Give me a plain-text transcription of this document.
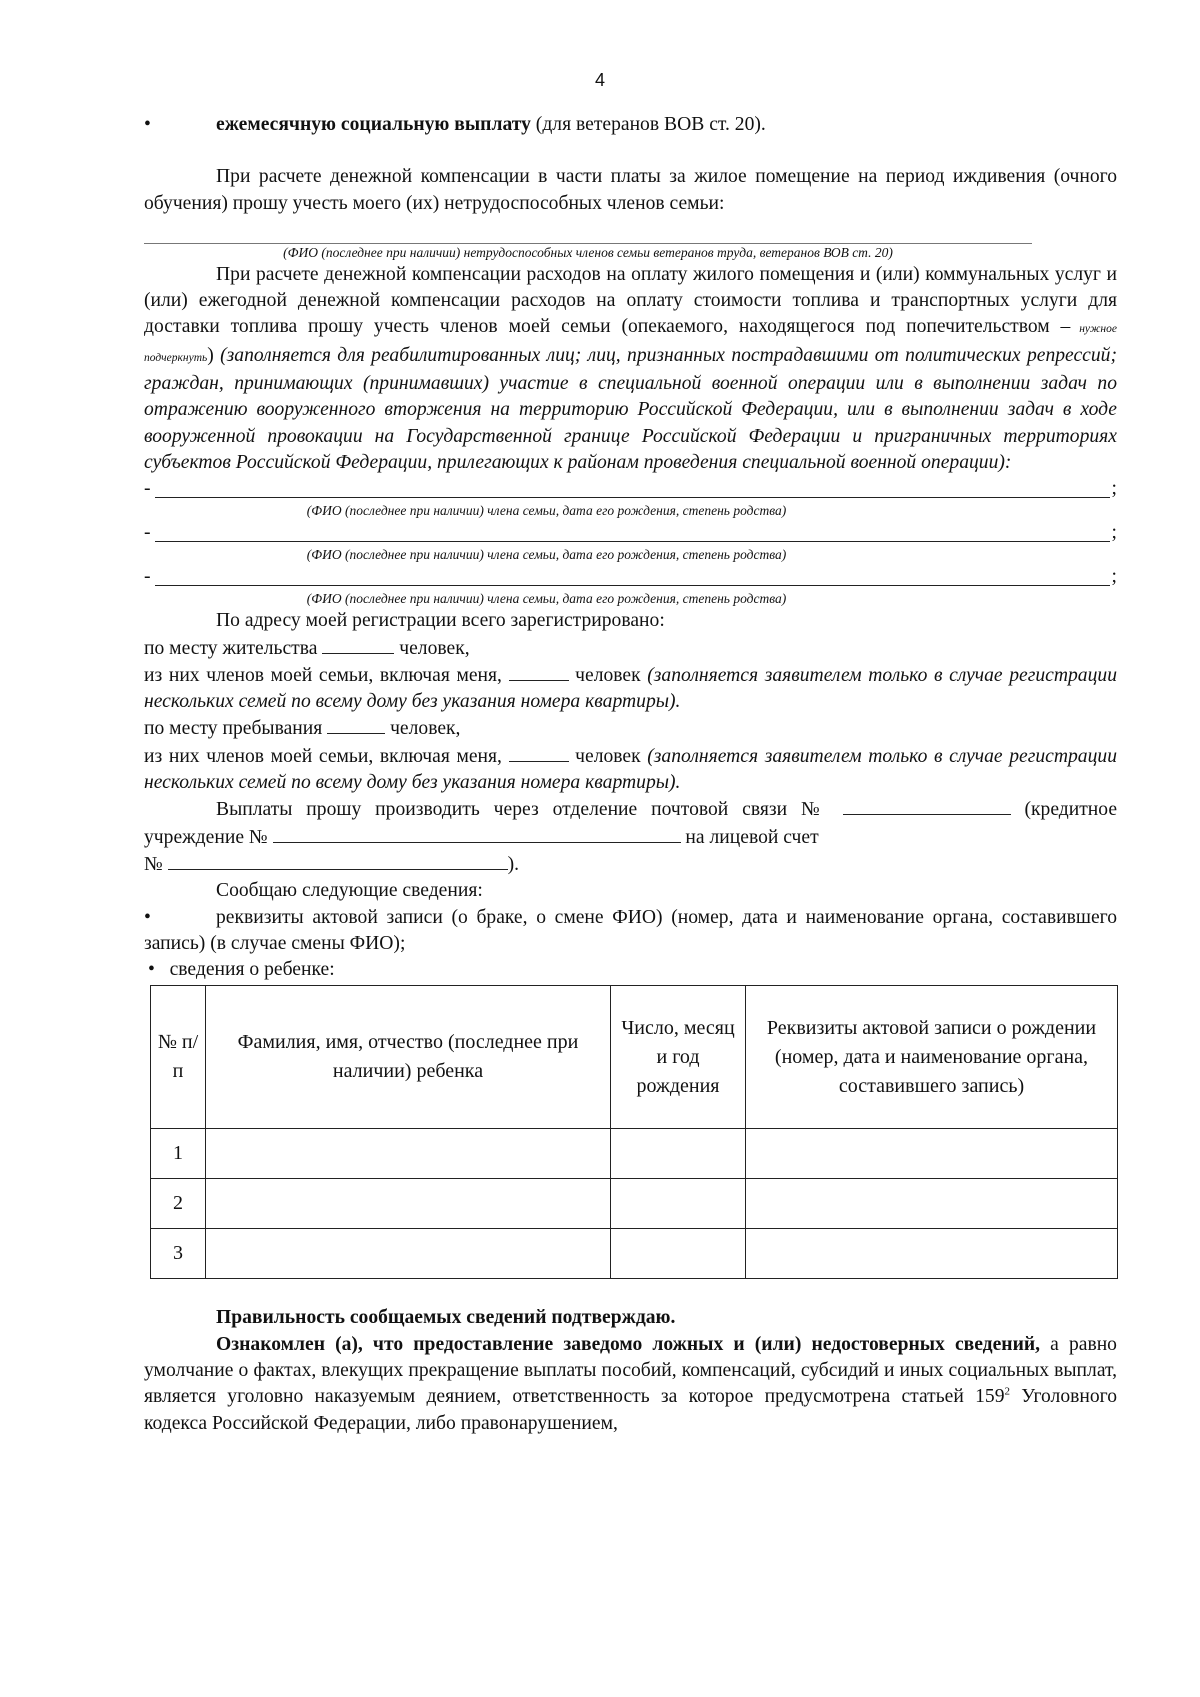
4

•	ежемесячную социальную выплату (для ветеранов ВОВ ст. 20).

При расчете денежной компенсации в части платы за жилое помещение на период иждивения (очного обучения) прошу учесть моего (их) нетрудоспособных членов семьи:

(ФИО (последнее при наличии) нетрудоспособных членов семьи ветеранов труда, ветеранов ВОВ ст. 20)

При расчете денежной компенсации расходов на оплату жилого помещения и (или) коммунальных услуг и (или) ежегодной денежной компенсации расходов на оплату стоимости топлива и транспортных услуги для доставки топлива прошу учесть членов моей семьи (опекаемого, находящегося под попечительством – нужное подчеркнуть) (заполняется для реабилитированных лиц; лиц, признанных пострадавшими от политических репрессий; граждан, принимающих (принимавших) участие в специальной военной операции или в выполнении задач по отражению вооруженного вторжения на территорию Российской Федерации, или в выполнении задач в ходе вооруженной провокации на Государственной границе Российской Федерации и приграничных территориях субъектов Российской Федерации, прилегающих к районам проведения специальной военной операции):

-	;
(ФИО (последнее при наличии) члена семьи, дата его рождения, степень родства)
-	;
(ФИО (последнее при наличии) члена семьи, дата его рождения, степень родства)
-	;
(ФИО (последнее при наличии) члена семьи, дата его рождения, степень родства)

По адресу моей регистрации всего зарегистрировано:

по месту жительства	человек,

из них членов моей семьи, включая меня,	человек (заполняется заявителем только в случае регистрации нескольких семей по всему дому без указания номера квартиры).

по месту пребывания	человек,

из них членов моей семьи, включая меня,	человек (заполняется заявителем только в случае регистрации нескольких семей по всему дому без указания номера квартиры).

Выплаты прошу производить через отделение почтовой связи №	(кредитное учреждение №	на лицевой счет

№	).

Сообщаю следующие сведения:

•	реквизиты актовой записи (о браке, о смене ФИО) (номер, дата и наименование органа, составившего запись) (в случае смены ФИО);

• сведения о ребенке:

№ п/п	Фамилия, имя, отчество (последнее при наличии) ребенка	Число, месяц и год рождения	Реквизиты актовой записи о рождении (номер, дата и наименование органа, составившего запись)
1			
2			
3			

Правильность сообщаемых сведений подтверждаю.

Ознакомлен (а), что предоставление заведомо ложных и (или) недостоверных сведений, а равно умолчание о фактах, влекущих прекращение выплаты пособий, компенсаций, субсидий и иных социальных выплат, является уголовно наказуемым деянием, ответственность за которое предусмотрена статьей $159^2$ Уголовного кодекса Российской Федерации, либо правонарушением,
